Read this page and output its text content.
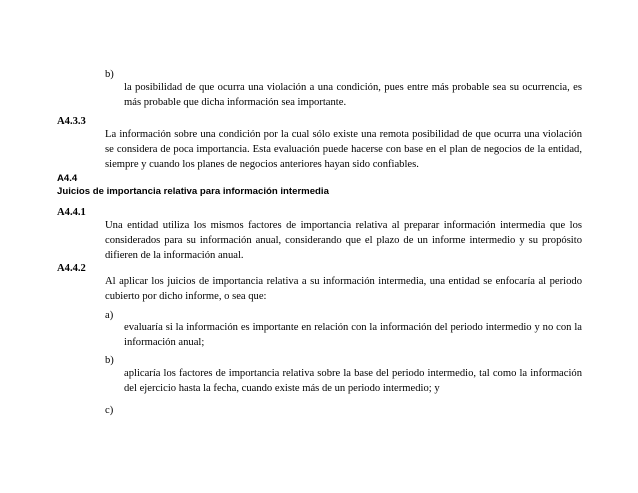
b)
la posibilidad de que ocurra una violación a una condición, pues entre más probable sea su ocurrencia, es más probable que dicha información sea importante.
A4.3.3
La información sobre una condición por la cual sólo existe una remota posibilidad de que ocurra una violación se considera de poca importancia. Esta evaluación puede hacerse con base en el plan de negocios de la entidad, siempre y cuando los planes de negocios anteriores hayan sido confiables.
A4.4
Juicios de importancia relativa para información intermedia
A4.4.1
Una entidad utiliza los mismos factores de importancia relativa al preparar información intermedia que los considerados para su información anual, considerando que el plazo de un informe intermedio y su propósito difieren de la información anual.
A4.4.2
Al aplicar los juicios de importancia relativa a su información intermedia, una entidad se enfocaría al periodo cubierto por dicho informe, o sea que:
a)
evaluaría si la información es importante en relación con la información del periodo intermedio y no con la información anual;
b)
aplicaría los factores de importancia relativa sobre la base del periodo intermedio, tal como la información del ejercicio hasta la fecha, cuando existe más de un periodo intermedio; y
c)
